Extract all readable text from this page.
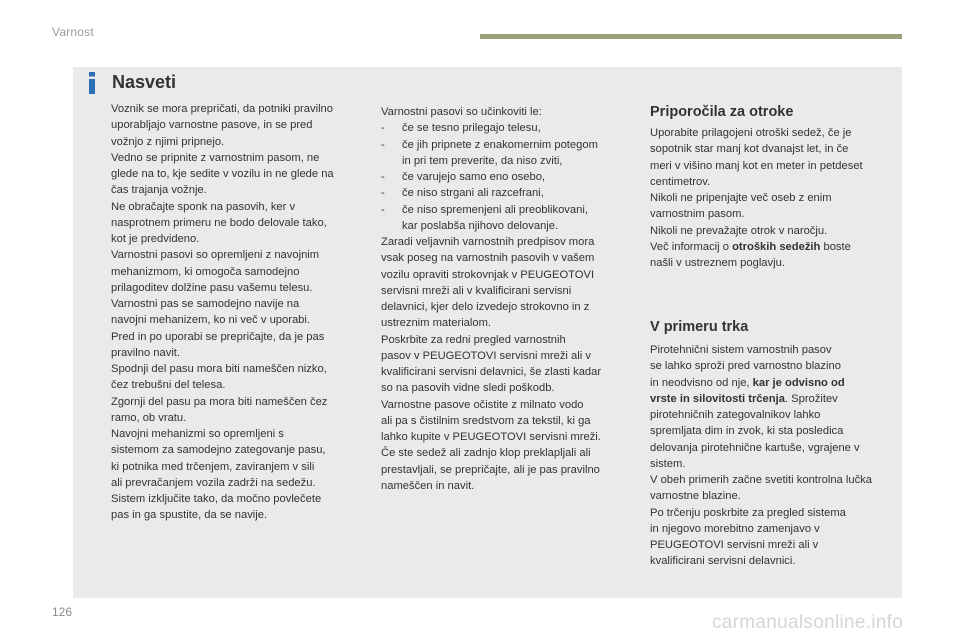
Varnost
Nasveti

Voznik se mora prepričati, da potniki pravilno

uporabljajo varnostne pasove, in se pred

vožnjo z njimi pripnejo.

Vedno se pripnite z varnostnim pasom, ne

glede na to, kje sedite v vozilu in ne glede na

čas trajanja vožnje.

Ne obračajte sponk na pasovih, ker v

nasprotnem primeru ne bodo delovale tako,

kot je predvideno.

Varnostni pasovi so opremljeni z navojnim

mehanizmom, ki omogoča samodejno

prilagoditev dolžine pasu vašemu telesu.

Varnostni pas se samodejno navije na

navojni mehanizem, ko ni več v uporabi.

Pred in po uporabi se prepričajte, da je pas

pravilno navit.

Spodnji del pasu mora biti nameščen nizko,

čez trebušni del telesa.

Zgornji del pasu pa mora biti nameščen čez

ramo, ob vratu.

Navojni mehanizmi so opremljeni s

sistemom za samodejno zategovanje pasu,

ki potnika med trčenjem, zaviranjem v sili

ali prevračanjem vozila zadrži na sedežu.

Sistem izključite tako, da močno povlečete

pas in ga spustite, da se navije.

Varnostni pasovi so učinkoviti le:

- če se tesno prilegajo telesu,

- če jih pripnete z enakomernim potegom

in pri tem preverite, da niso zviti,

- če varujejo samo eno osebo,

- če niso strgani ali razcefrani,

- če niso spremenjeni ali preoblikovani,

kar poslabša njihovo delovanje.

Zaradi veljavnih varnostnih predpisov mora

vsak poseg na varnostnih pasovih v vašem

vozilu opraviti strokovnjak v PEUGEOTOVI

servisni mreži ali v kvalificirani servisni

delavnici, kjer delo izvedejo strokovno in z

ustreznim materialom.

Poskrbite za redni pregled varnostnih

pasov v PEUGEOTOVI servisni mreži ali v

kvalificirani servisni delavnici, še zlasti kadar

so na pasovih vidne sledi poškodb.

Varnostne pasove očistite z milnato vodo

ali pa s čistilnim sredstvom za tekstil, ki ga

lahko kupite v PEUGEOTOVI servisni mreži.

Če ste sedež ali zadnjo klop preklapljali ali

prestavljali, se prepričajte, ali je pas pravilno

nameščen in navit.

Priporočila za otroke

Uporabite prilagojeni otroški sedež, če je

sopotnik star manj kot dvanajst let, in če

meri v višino manj kot en meter in petdeset

centimetrov.

Nikoli ne pripenjajte več oseb z enim

varnostnim pasom.

Nikoli ne prevažajte otrok v naročju.

Več informacij o otroških sedežih boste

našli v ustreznem poglavju.

V primeru trka

Pirotehnični sistem varnostnih pasov

se lahko sproži pred varnostno blazino

in neodvisno od nje, kar je odvisno od

vrste in silovitosti trčenja. Sprožitev

pirotehničnih zategovalnikov lahko

spremljata dim in zvok, ki sta posledica

delovanja pirotehnične kartuše, vgrajene v

sistem.

V obeh primerih začne svetiti kontrolna lučka

varnostne blazine.

Po trčenju poskrbite za pregled sistema

in njegovo morebitno zamenjavo v

PEUGEOTOVI servisni mreži ali v

kvalificirani servisni delavnici.

126	carmanualsonline.info
